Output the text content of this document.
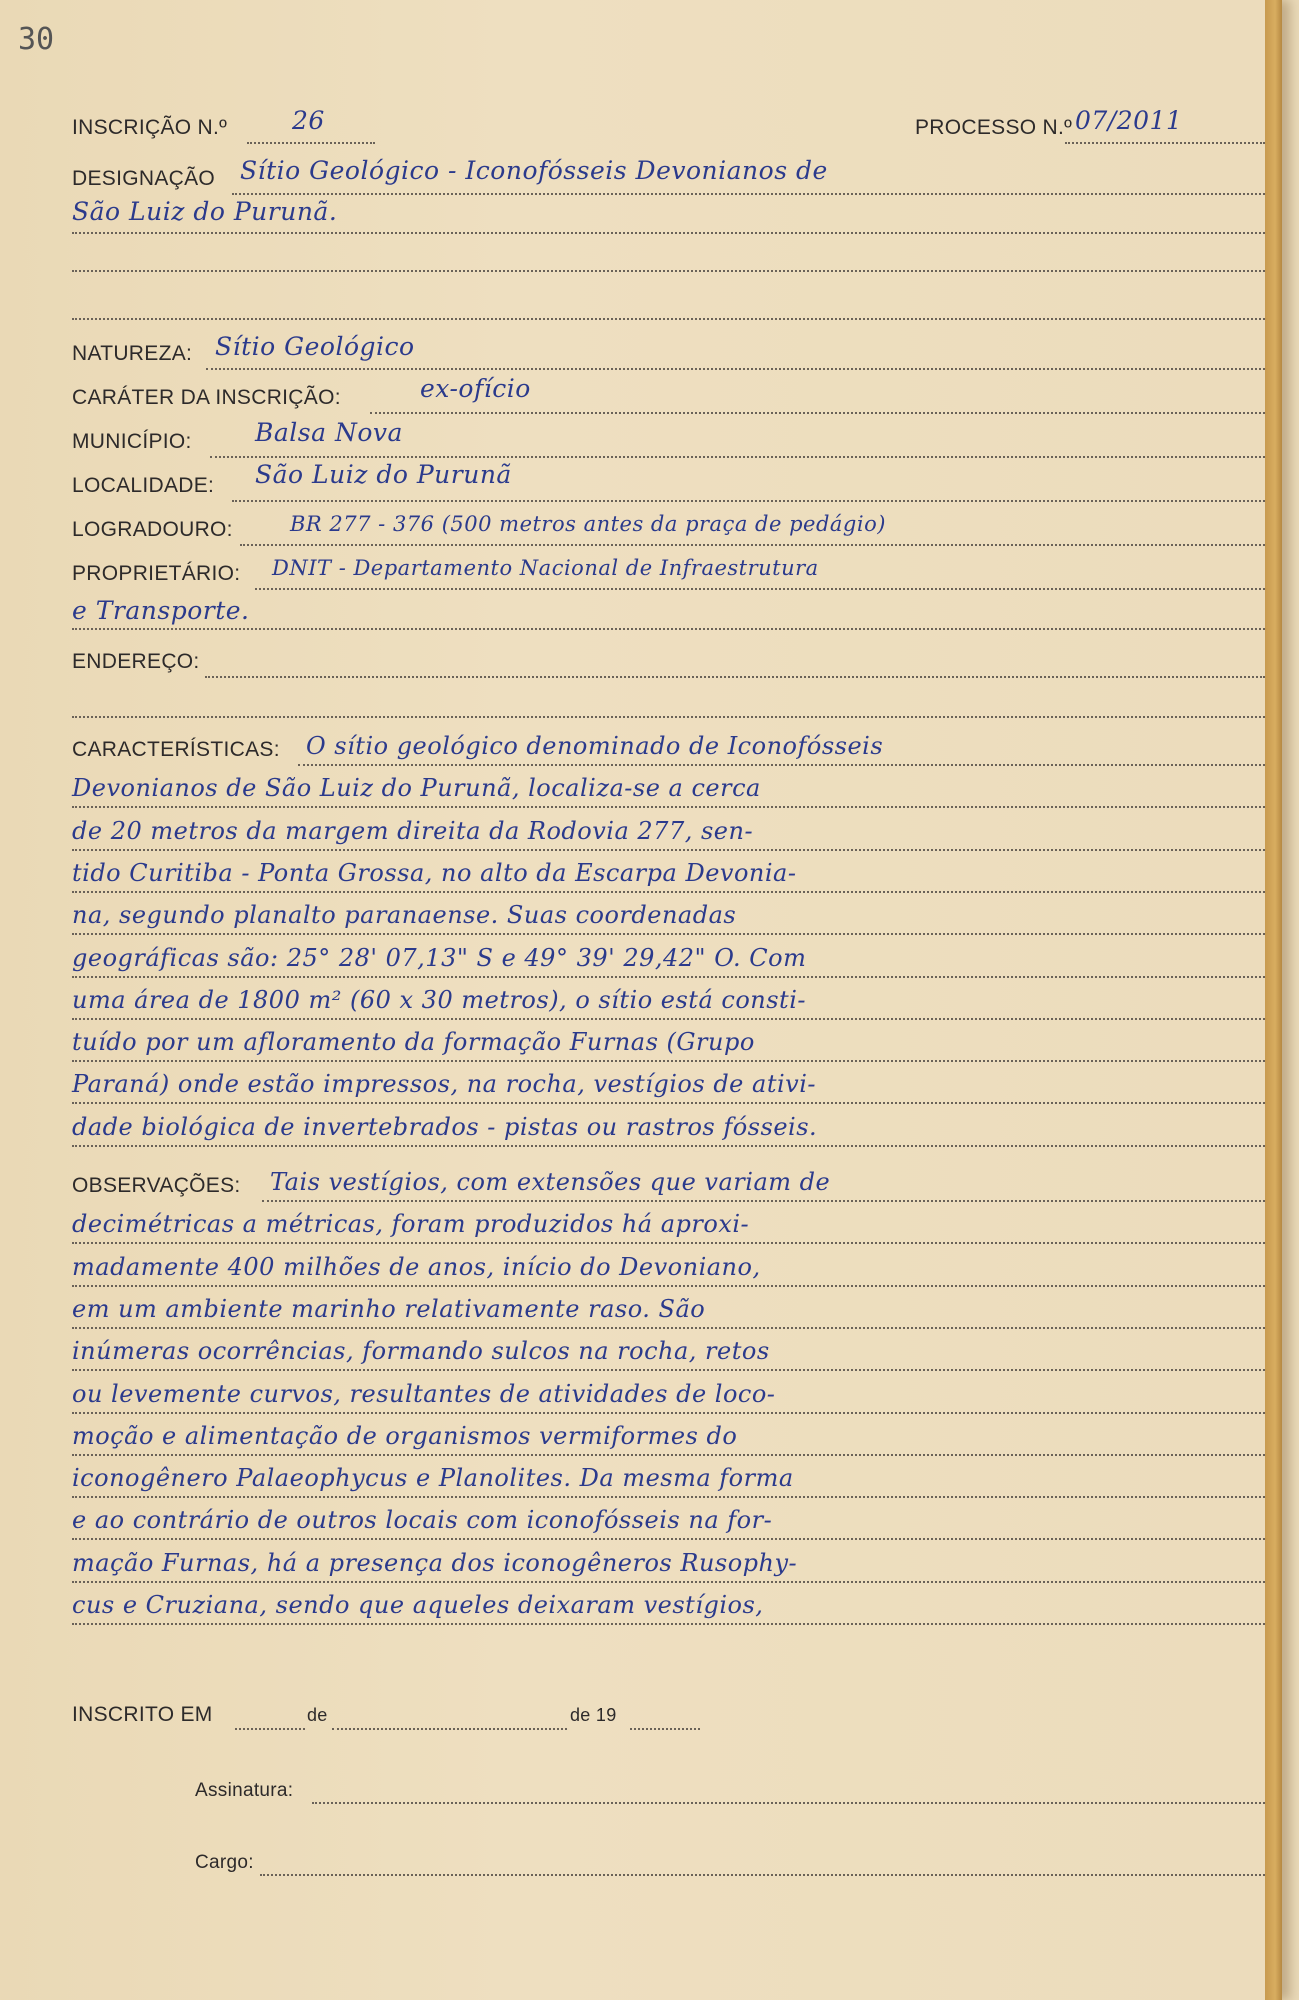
30
INSCRIÇÃO N.º	26	PROCESSO N.º 07/2011
DESIGNAÇÃO Sítio Geológico - Iconofósseis Devonianos de
São Luiz do Purunã.
NATUREZA: Sítio Geológico
CARÁTER DA INSCRIÇÃO:	ex-ofício
MUNICÍPIO:	Balsa Nova
LOCALIDADE: São Luiz do Purunã
LOGRADOURO:	BR 277 - 376 (500 metros antes da praça de pedágio)
PROPRIETÁRIO: DNIT - Departamento Nacional de Infraestrutura
e Transporte.
ENDEREÇO:
CARACTERÍSTICAS: O sítio geológico denominado de Iconofósseis
Devonianos de São Luiz do Purunã, localiza-se a cerca
de 20 metros da margem direita da Rodovia 277, sen-
tido Curitiba - Ponta Grossa, no alto da Escarpa Devonia-
na, segundo planalto paranaense. Suas coordenadas
geográficas são: 25° 28' 07,13" S e 49° 39' 29,42" O. Com
uma área de 1800 m² (60 x 30 metros), o sítio está consti-
tuído por um afloramento da formação Furnas (Grupo
Paraná) onde estão impressos, na rocha, vestígios de ativi-
dade biológica de invertebrados - pistas ou rastros fósseis.
OBSERVAÇÕES: Tais vestígios, com extensões que variam de
decimétricas a métricas, foram produzidos há aproxi-
madamente 400 milhões de anos, início do Devoniano,
em um ambiente marinho relativamente raso. São
inúmeras ocorrências, formando sulcos na rocha, retos
ou levemente curvos, resultantes de atividades de loco-
moção e alimentação de organismos vermiformes do
iconogênero Palaeophycus e Planolites. Da mesma forma
e ao contrário de outros locais com iconofósseis na for-
mação Furnas, há a presença dos iconogêneros Rusophy-
cus e Cruziana, sendo que aqueles deixaram vestígios,
INSCRITO EM	de	de 19
Assinatura:
Cargo:
